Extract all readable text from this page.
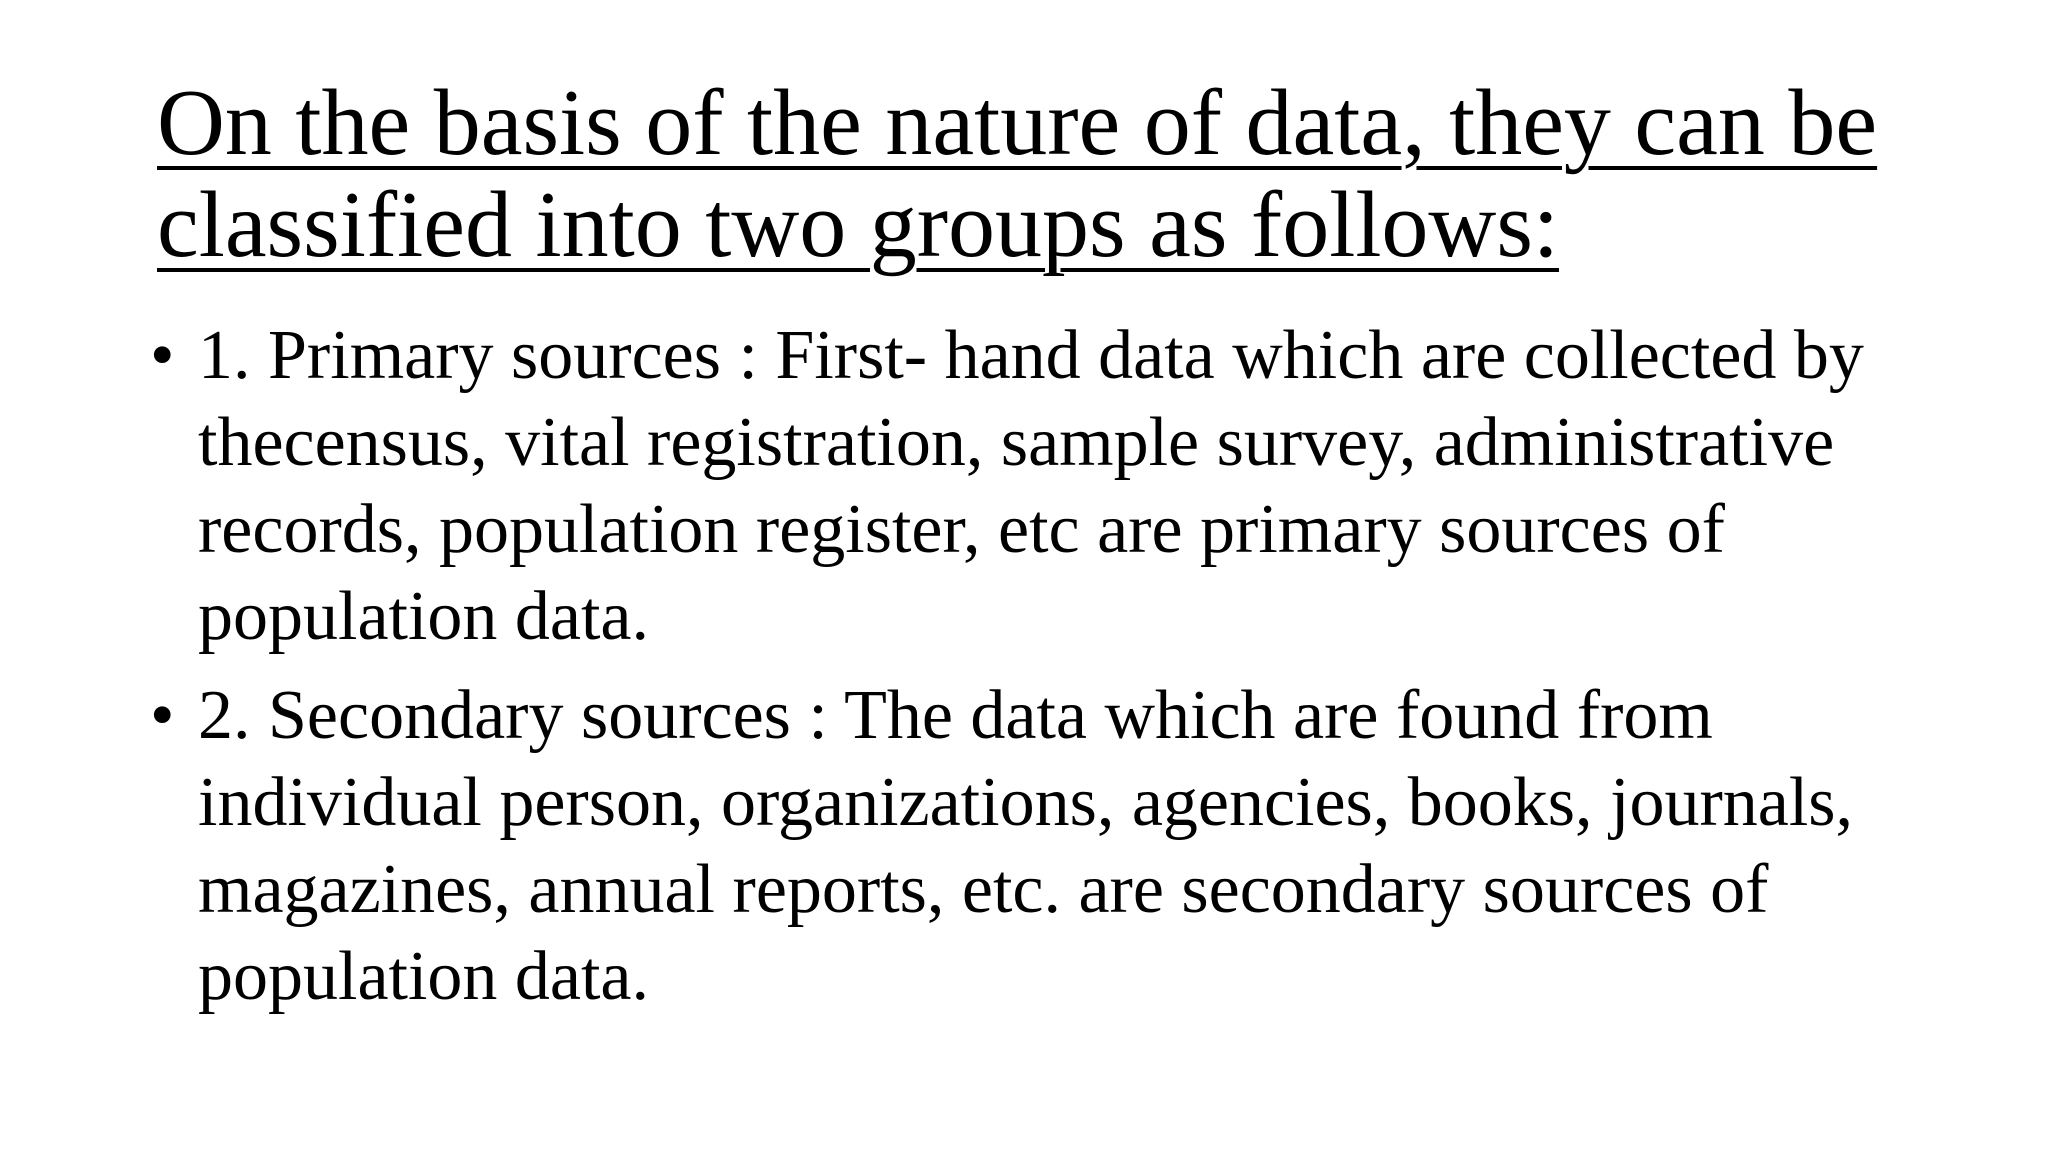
On the basis of the nature of data, they can be classified into two groups as follows:
• 1. Primary sources : First- hand data which are collected by thecensus, vital registration, sample survey, administrative records, population register, etc are primary sources of population data.
• 2. Secondary sources : The data which are found from individual person, organizations, agencies, books, journals, magazines, annual reports, etc. are secondary sources of population data.
